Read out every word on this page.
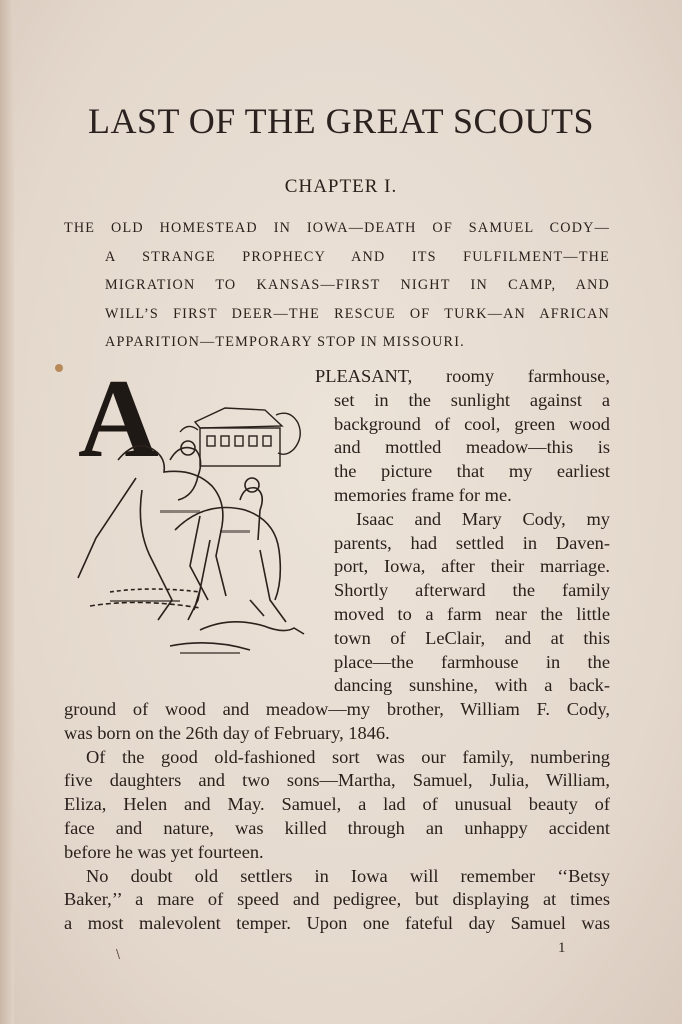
LAST OF THE GREAT SCOUTS
CHAPTER I.
THE OLD HOMESTEAD IN IOWA—DEATH OF SAMUEL CODY—
A STRANGE PROPHECY AND ITS FULFILMENT—THE
MIGRATION TO KANSAS—FIRST NIGHT IN CAMP, AND
WILL’S FIRST DEER—THE RESCUE OF TURK—AN AFRICAN
APPARITION—TEMPORARY STOP IN MISSOURI.
A	PLEASANT, roomy farmhouse,
set in the sunlight against a
background of cool, green wood
and mottled meadow—this is
the picture that my earliest
memories frame for me.
Isaac and Mary Cody, my
parents, had settled in Daven-
port, Iowa, after their marriage.
Shortly afterward the family
moved to a farm near the little
town of LeClair, and at this
place—the farmhouse in the
dancing sunshine, with a back-
ground of wood and meadow—my brother, William F. Cody,
was born on the 26th day of February, 1846.
Of the good old-fashioned sort was our family, numbering
five daughters and two sons—Martha, Samuel, Julia, William,
Eliza, Helen and May. Samuel, a lad of unusual beauty of
face and nature, was killed through an unhappy accident
before he was yet fourteen.
No doubt old settlers in Iowa will remember ‘‘Betsy
Baker,’’ a mare of speed and pedigree, but displaying at times
a most malevolent temper. Upon one fateful day Samuel was
\	1
